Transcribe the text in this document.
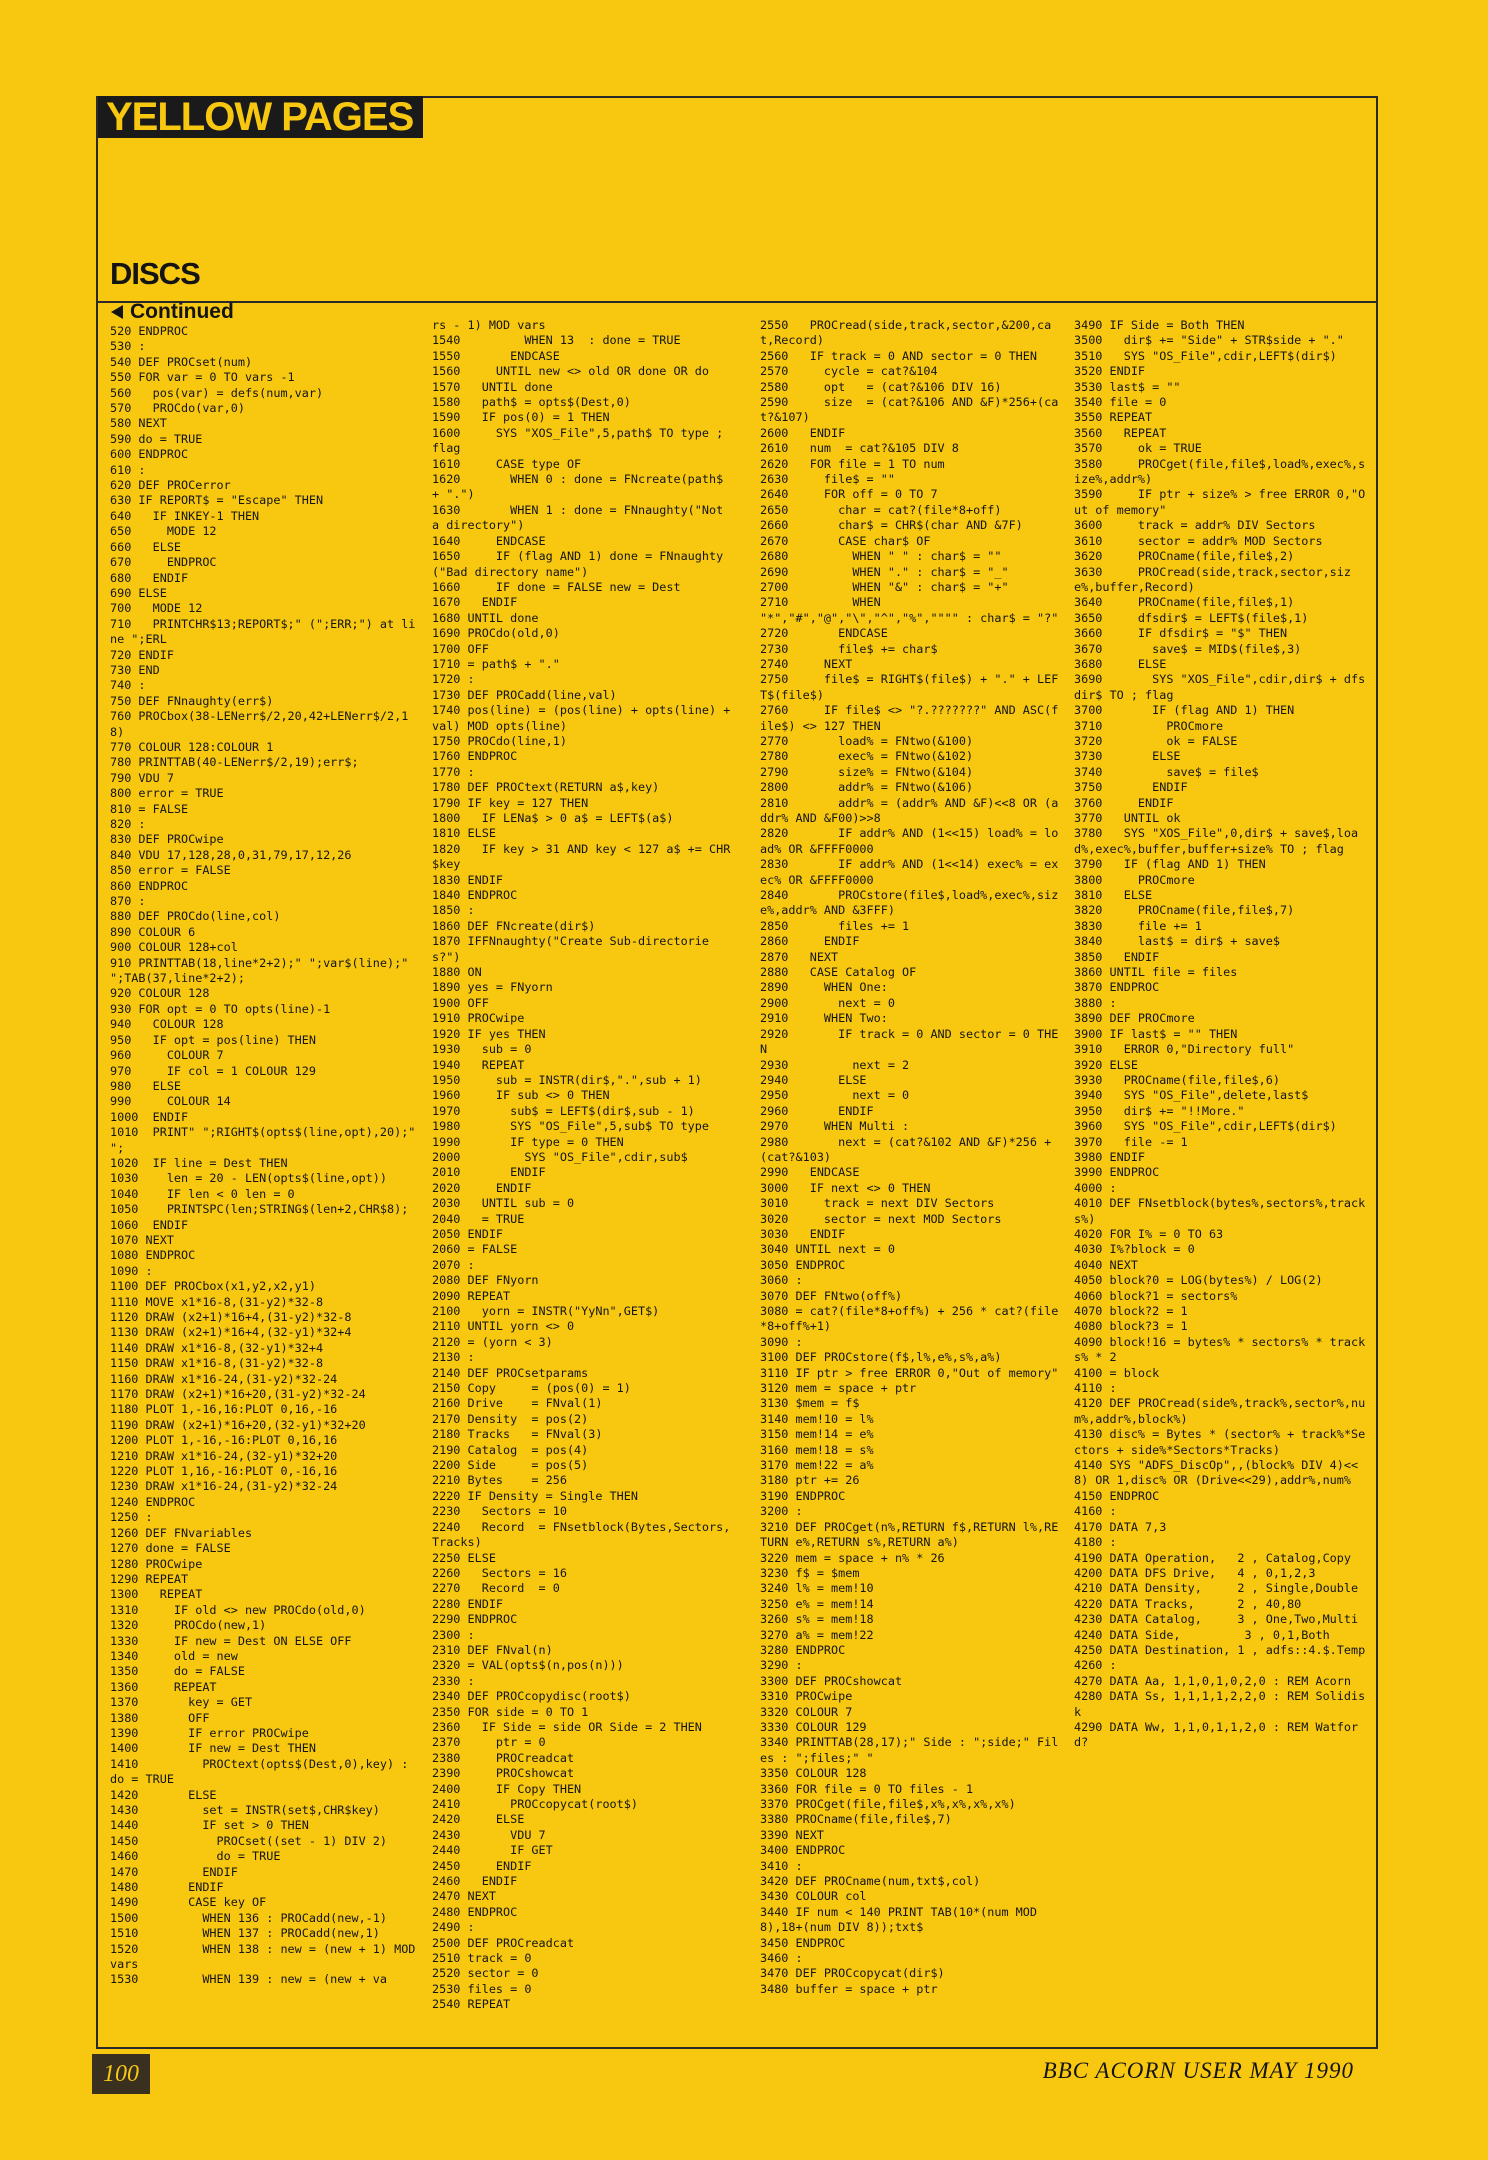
YELLOW PAGES
DISCS
Continued
520 ENDPROC
530 :
540 DEF PROCset(num)
550 FOR var = 0 TO vars -1
560   pos(var) = defs(num,var)
570   PROCdo(var,0)
580 NEXT
590 do = TRUE
600 ENDPROC
610 :
620 DEF PROCerror
630 IF REPORT$ = "Escape" THEN
640   IF INKEY-1 THEN
650     MODE 12
660   ELSE
670     ENDPROC
680   ENDIF
690 ELSE
700   MODE 12
710   PRINTCHR$13;REPORT$;" (";ERR;") at line ";ERL
720 ENDIF
730 END
740 :
750 DEF FNnaughty(err$)
760 PROCbox(38-LENerr$/2,20,42+LENerr$/2,18)
770 COLOUR 128:COLOUR 1
780 PRINTTAB(40-LENerr$/2,19);err$;
790 VDU 7
800 error = TRUE
810 = FALSE
820 :
830 DEF PROCwipe
840 VDU 17,128,28,0,31,79,17,12,26
850 error = FALSE
860 ENDPROC
870 :
880 DEF PROCdo(line,col)
890 COLOUR 6
900 COLOUR 128+col
910 PRINTTAB(18,line*2+2);" ";var$(line);" ";TAB(37,line*2+2);
920 COLOUR 128
930 FOR opt = 0 TO opts(line)-1
940   COLOUR 128
950   IF opt = pos(line) THEN
960     COLOUR 7
970     IF col = 1 COLOUR 129
980   ELSE
990     COLOUR 14
1000  ENDIF
1010  PRINT" ";RIGHT$(opts$(line,opt),20);" ";
1020  IF line = Dest THEN
1030    len = 20 - LEN(opts$(line,opt))
1040    IF len < 0 len = 0
1050    PRINTSPC(len;STRING$(len+2,CHR$8);
1060  ENDIF
1070 NEXT
1080 ENDPROC
1090 :
1100 DEF PROCbox(x1,y2,x2,y1)
1110 MOVE x1*16-8,(31-y2)*32-8
1120 DRAW (x2+1)*16+4,(31-y2)*32-8
1130 DRAW (x2+1)*16+4,(32-y1)*32+4
1140 DRAW x1*16-8,(32-y1)*32+4
1150 DRAW x1*16-8,(31-y2)*32-8
1160 DRAW x1*16-24,(31-y2)*32-24
1170 DRAW (x2+1)*16+20,(31-y2)*32-24
1180 PLOT 1,-16,16:PLOT 0,16,-16
1190 DRAW (x2+1)*16+20,(32-y1)*32+20
1200 PLOT 1,-16,-16:PLOT 0,16,16
1210 DRAW x1*16-24,(32-y1)*32+20
1220 PLOT 1,16,-16:PLOT 0,-16,16
1230 DRAW x1*16-24,(31-y2)*32-24
1240 ENDPROC
1250 :
1260 DEF FNvariables
1270 done = FALSE
1280 PROCwipe
1290 REPEAT
1300   REPEAT
1310     IF old <> new PROCdo(old,0)
1320     PROCdo(new,1)
1330     IF new = Dest ON ELSE OFF
1340     old = new
1350     do = FALSE
1360     REPEAT
1370       key = GET
1380       OFF
1390       IF error PROCwipe
1400       IF new = Dest THEN
1410         PROCtext(opts$(Dest,0),key) : do = TRUE
1420       ELSE
1430         set = INSTR(set$,CHR$key)
1440         IF set > 0 THEN
1450           PROCset((set - 1) DIV 2)
1460           do = TRUE
1470         ENDIF
1480       ENDIF
1490       CASE key OF
1500         WHEN 136 : PROCadd(new,-1)
1510         WHEN 137 : PROCadd(new,1)
1520         WHEN 138 : new = (new + 1) MOD vars
1530         WHEN 139 : new = (new + va
rs - 1) MOD vars
1540         WHEN 13  : done = TRUE
1550       ENDCASE
1560     UNTIL new <> old OR done OR do
1570   UNTIL done
1580   path$ = opts$(Dest,0)
1590   IF pos(0) = 1 THEN
1600     SYS "XOS_File",5,path$ TO type ; flag
1610     CASE type OF
1620       WHEN 0 : done = FNcreate(path$ + ".")
1630       WHEN 1 : done = FNnaughty("Not a directory")
1640     ENDCASE
1650     IF (flag AND 1) done = FNnaughty("Bad directory name")
1660     IF done = FALSE new = Dest
1670   ENDIF
1680 UNTIL done
1690 PROCdo(old,0)
1700 OFF
1710 = path$ + "."
1720 :
1730 DEF PROCadd(line,val)
1740 pos(line) = (pos(line) + opts(line) + val) MOD opts(line)
1750 PROCdo(line,1)
1760 ENDPROC
1770 :
1780 DEF PROCtext(RETURN a$,key)
1790 IF key = 127 THEN
1800   IF LENa$ > 0 a$ = LEFT$(a$)
1810 ELSE
1820   IF key > 31 AND key < 127 a$ += CHR$key
1830 ENDIF
1840 ENDPROC
1850 :
1860 DEF FNcreate(dir$)
1870 IFFNnaughty("Create Sub-directories?")
1880 ON
1890 yes = FNyorn
1900 OFF
1910 PROCwipe
1920 IF yes THEN
1930   sub = 0
1940   REPEAT
1950     sub = INSTR(dir$,".",sub + 1)
1960     IF sub <> 0 THEN
1970       sub$ = LEFT$(dir$,sub - 1)
1980       SYS "OS_File",5,sub$ TO type
1990       IF type = 0 THEN
2000         SYS "OS_File",cdir,sub$
2010       ENDIF
2020     ENDIF
2030   UNTIL sub = 0
2040   = TRUE
2050 ENDIF
2060 = FALSE
2070 :
2080 DEF FNyorn
2090 REPEAT
2100   yorn = INSTR("YyNn",GET$)
2110 UNTIL yorn <> 0
2120 = (yorn < 3)
2130 :
2140 DEF PROCsetparams
2150 Copy     = (pos(0) = 1)
2160 Drive    = FNval(1)
2170 Density  = pos(2)
2180 Tracks   = FNval(3)
2190 Catalog  = pos(4)
2200 Side     = pos(5)
2210 Bytes    = 256
2220 IF Density = Single THEN
2230   Sectors = 10
2240   Record  = FNsetblock(Bytes,Sectors,Tracks)
2250 ELSE
2260   Sectors = 16
2270   Record  = 0
2280 ENDIF
2290 ENDPROC
2300 :
2310 DEF FNval(n)
2320 = VAL(opts$(n,pos(n)))
2330 :
2340 DEF PROCcopydisc(root$)
2350 FOR side = 0 TO 1
2360   IF Side = side OR Side = 2 THEN
2370     ptr = 0
2380     PROCreadcat
2390     PROCshowcat
2400     IF Copy THEN
2410       PROCcopycat(root$)
2420     ELSE
2430       VDU 7
2440       IF GET
2450     ENDIF
2460   ENDIF
2470 NEXT
2480 ENDPROC
2490 :
2500 DEF PROCreadcat
2510 track = 0
2520 sector = 0
2530 files = 0
2540 REPEAT
2550   PROCread(side,track,sector,&200,cat,Record)
2560   IF track = 0 AND sector = 0 THEN
2570     cycle = cat?&104
2580     opt   = (cat?&106 DIV 16)
2590     size  = (cat?&106 AND &F)*256+(cat?&107)
2600   ENDIF
2610   num  = cat?&105 DIV 8
2620   FOR file = 1 TO num
2630     file$ = ""
2640     FOR off = 0 TO 7
2650       char = cat?(file*8+off)
2660       char$ = CHR$(char AND &7F)
2670       CASE char$ OF
2680         WHEN " " : char$ = ""
2690         WHEN "." : char$ = "_"
2700         WHEN "&" : char$ = "+"
2710         WHEN "*","#","@","\","^","%","""" : char$ = "?"
2720       ENDCASE
2730       file$ += char$
2740     NEXT
2750     file$ = RIGHT$(file$) + "." + LEFT$(file$)
2760     IF file$ <> "?.???????" AND ASC(file$) <> 127 THEN
2770       load% = FNtwo(&100)
2780       exec% = FNtwo(&102)
2790       size% = FNtwo(&104)
2800       addr% = FNtwo(&106)
2810       addr% = (addr% AND &F)<<8 OR (addr% AND &F00)>>8
2820       IF addr% AND (1<<15) load% = load% OR &FFFF0000
2830       IF addr% AND (1<<14) exec% = exec% OR &FFFF0000
2840       PROCstore(file$,load%,exec%,size%,addr% AND &3FFF)
2850       files += 1
2860     ENDIF
2870   NEXT
2880   CASE Catalog OF
2890     WHEN One:
2900       next = 0
2910     WHEN Two:
2920       IF track = 0 AND sector = 0 THEN
2930         next = 2
2940       ELSE
2950         next = 0
2960       ENDIF
2970     WHEN Multi :
2980       next = (cat?&102 AND &F)*256 + (cat?&103)
2990   ENDCASE
3000   IF next <> 0 THEN
3010     track = next DIV Sectors
3020     sector = next MOD Sectors
3030   ENDIF
3040 UNTIL next = 0
3050 ENDPROC
3060 :
3070 DEF FNtwo(off%)
3080 = cat?(file*8+off%) + 256 * cat?(file*8+off%+1)
3090 :
3100 DEF PROCstore(f$,l%,e%,s%,a%)
3110 IF ptr > free ERROR 0,"Out of memory"
3120 mem = space + ptr
3130 $mem = f$
3140 mem!10 = l%
3150 mem!14 = e%
3160 mem!18 = s%
3170 mem!22 = a%
3180 ptr += 26
3190 ENDPROC
3200 :
3210 DEF PROCget(n%,RETURN f$,RETURN l%,RETURN e%,RETURN s%,RETURN a%)
3220 mem = space + n% * 26
3230 f$ = $mem
3240 l% = mem!10
3250 e% = mem!14
3260 s% = mem!18
3270 a% = mem!22
3280 ENDPROC
3290 :
3300 DEF PROCshowcat
3310 PROCwipe
3320 COLOUR 7
3330 COLOUR 129
3340 PRINTTAB(28,17);" Side : ";side;" Files : ";files;" "
3350 COLOUR 128
3360 FOR file = 0 TO files - 1
3370 PROCget(file,file$,x%,x%,x%,x%)
3380 PROCname(file,file$,7)
3390 NEXT
3400 ENDPROC
3410 :
3420 DEF PROCname(num,txt$,col)
3430 COLOUR col
3440 IF num < 140 PRINT TAB(10*(num MOD 8),18+(num DIV 8));txt$
3450 ENDPROC
3460 :
3470 DEF PROCcopycat(dir$)
3480 buffer = space + ptr
3490 IF Side = Both THEN
3500   dir$ += "Side" + STR$side + "."
3510   SYS "OS_File",cdir,LEFT$(dir$)
3520 ENDIF
3530 last$ = ""
3540 file = 0
3550 REPEAT
3560   REPEAT
3570     ok = TRUE
3580     PROCget(file,file$,load%,exec%,size%,addr%)
3590     IF ptr + size% > free ERROR 0,"Out of memory"
3600     track = addr% DIV Sectors
3610     sector = addr% MOD Sectors
3620     PROCname(file,file$,2)
3630     PROCread(side,track,sector,size%,buffer,Record)
3640     PROCname(file,file$,1)
3650     dfsdir$ = LEFT$(file$,1)
3660     IF dfsdir$ = "$" THEN
3670       save$ = MID$(file$,3)
3680     ELSE
3690       SYS "XOS_File",cdir,dir$ + dfsdir$ TO ; flag
3700       IF (flag AND 1) THEN
3710         PROCmore
3720         ok = FALSE
3730       ELSE
3740         save$ = file$
3750       ENDIF
3760     ENDIF
3770   UNTIL ok
3780   SYS "XOS_File",0,dir$ + save$,load%,exec%,buffer,buffer+size% TO ; flag
3790   IF (flag AND 1) THEN
3800     PROCmore
3810   ELSE
3820     PROCname(file,file$,7)
3830     file += 1
3840     last$ = dir$ + save$
3850   ENDIF
3860 UNTIL file = files
3870 ENDPROC
3880 :
3890 DEF PROCmore
3900 IF last$ = "" THEN
3910   ERROR 0,"Directory full"
3920 ELSE
3930   PROCname(file,file$,6)
3940   SYS "OS_File",delete,last$
3950   dir$ += "!!More."
3960   SYS "OS_File",cdir,LEFT$(dir$)
3970   file -= 1
3980 ENDIF
3990 ENDPROC
4000 :
4010 DEF FNsetblock(bytes%,sectors%,tracks%)
4020 FOR I% = 0 TO 63
4030 I%?block = 0
4040 NEXT
4050 block?0 = LOG(bytes%) / LOG(2)
4060 block?1 = sectors%
4070 block?2 = 1
4080 block?3 = 1
4090 block!16 = bytes% * sectors% * tracks% * 2
4100 = block
4110 :
4120 DEF PROCread(side%,track%,sector%,num%,addr%,block%)
4130 disc% = Bytes * (sector% + track%*Sectors + side%*Sectors*Tracks)
4140 SYS "ADFS_DiscOp",,(block% DIV 4)<<8) OR 1,disc% OR (Drive<<29),addr%,num%
4150 ENDPROC
4160 :
4170 DATA 7,3
4180 :
4190 DATA Operation,   2 , Catalog,Copy
4200 DATA DFS Drive,   4 , 0,1,2,3
4210 DATA Density,     2 , Single,Double
4220 DATA Tracks,      2 , 40,80
4230 DATA Catalog,     3 , One,Two,Multi
4240 DATA Side,         3 , 0,1,Both
4250 DATA Destination, 1 , adfs::4.$.Temp
4260 :
4270 DATA Aa, 1,1,0,1,0,2,0 : REM Acorn
4280 DATA Ss, 1,1,1,1,2,2,0 : REM Solidisk
4290 DATA Ww, 1,1,0,1,1,2,0 : REM Watford?
100	BBC ACORN USER MAY 1990
